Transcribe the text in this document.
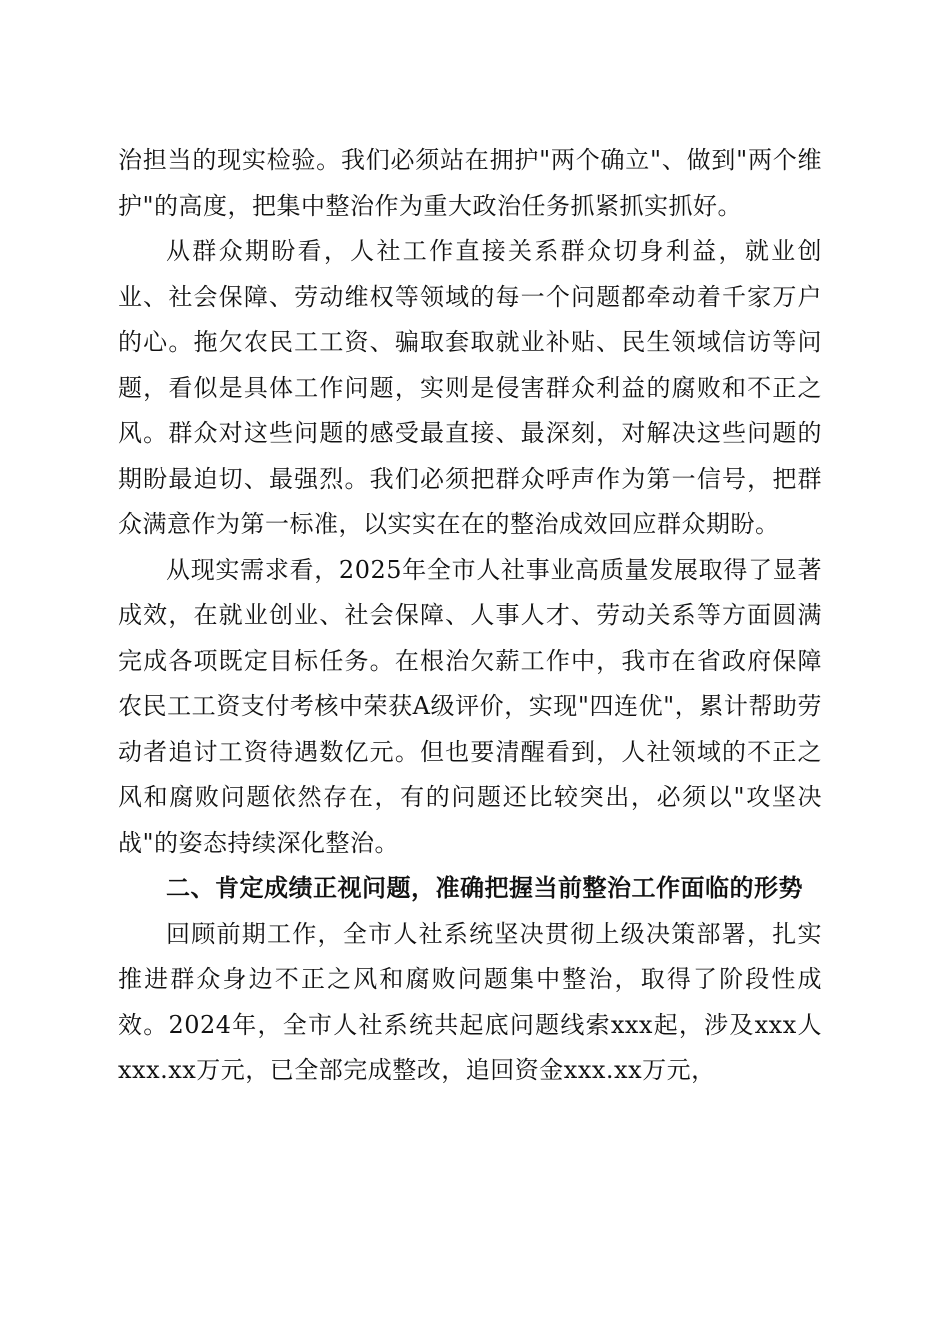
治担当的现实检验。我们必须站在拥护"两个确立"、做到"两个维护"的高度，把集中整治作为重大政治任务抓紧抓实抓好。

从群众期盼看，人社工作直接关系群众切身利益，就业创业、社会保障、劳动维权等领域的每一个问题都牵动着千家万户的心。拖欠农民工工资、骗取套取就业补贴、民生领域信访等问题，看似是具体工作问题，实则是侵害群众利益的腐败和不正之风。群众对这些问题的感受最直接、最深刻，对解决这些问题的期盼最迫切、最强烈。我们必须把群众呼声作为第一信号，把群众满意作为第一标准，以实实在在的整治成效回应群众期盼。

从现实需求看，2025年全市人社事业高质量发展取得了显著成效，在就业创业、社会保障、人事人才、劳动关系等方面圆满完成各项既定目标任务。在根治欠薪工作中，我市在省政府保障农民工工资支付考核中荣获A级评价，实现"四连优"，累计帮助劳动者追讨工资待遇数亿元。但也要清醒看到，人社领域的不正之风和腐败问题依然存在，有的问题还比较突出，必须以"攻坚决战"的姿态持续深化整治。

二、肯定成绩正视问题，准确把握当前整治工作面临的形势

回顾前期工作，全市人社系统坚决贯彻上级决策部署，扎实推进群众身边不正之风和腐败问题集中整治，取得了阶段性成效。2024年，全市人社系统共起底问题线索xxx起，涉及xxx人xxx.xx万元，已全部完成整改，追回资金xxx.xx万元，
